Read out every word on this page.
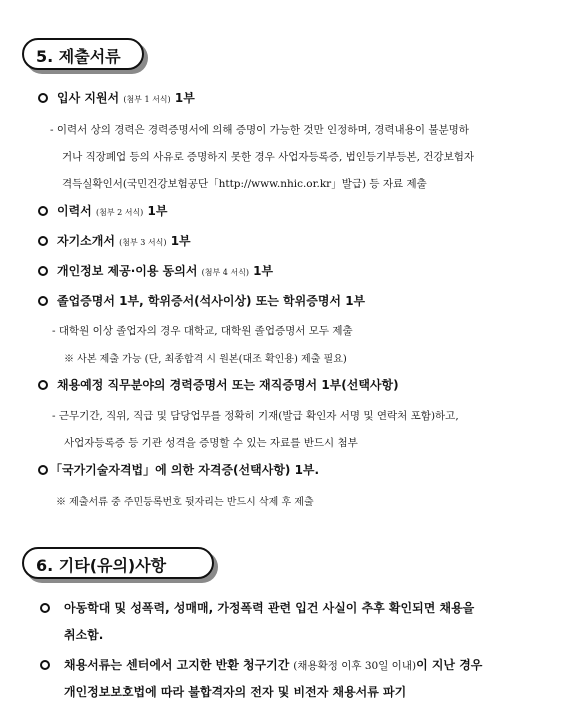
5. 제출서류
입사 지원서 (첨부 1 서식) 1부
- 이력서 상의 경력은 경력증명서에 의해 증명이 가능한 것만 인정하며, 경력내용이 불분명하
거나 직장폐업 등의 사유로 증명하지 못한 경우 사업자등록증, 법인등기부등본, 건강보험자
격득실확인서(국민건강보험공단「http://www.nhic.or.kr」발급) 등 자료 제출
이력서 (첨부 2 서식) 1부
자기소개서 (첨부 3 서식) 1부
개인정보 제공·이용 동의서 (첨부 4 서식) 1부
졸업증명서 1부, 학위증서(석사이상) 또는 학위증명서 1부
- 대학원 이상 졸업자의 경우 대학교, 대학원 졸업증명서 모두 제출
※ 사본 제출 가능 (단, 최종합격 시 원본(대조 확인용) 제출 필요)
채용예정 직무분야의 경력증명서 또는 재직증명서 1부(선택사항)
- 근무기간, 직위, 직급 및 담당업무를 정확히 기재(발급 확인자 서명 및 연락처 포함)하고,
사업자등록증 등 기관 성격을 증명할 수 있는 자료를 반드시 첨부
「국가기술자격법」에 의한 자격증(선택사항) 1부.
※ 제출서류 중 주민등록번호 뒷자리는 반드시 삭제 후 제출
6. 기타(유의)사항
아동학대 및 성폭력, 성매매, 가정폭력 관련 입건 사실이 추후 확인되면 채용을
취소함.
채용서류는 센터에서 고지한 반환 청구기간 (채용확정 이후 30일 이내)이 지난 경우
개인정보보호법에 따라 불합격자의 전자 및 비전자 채용서류 파기
